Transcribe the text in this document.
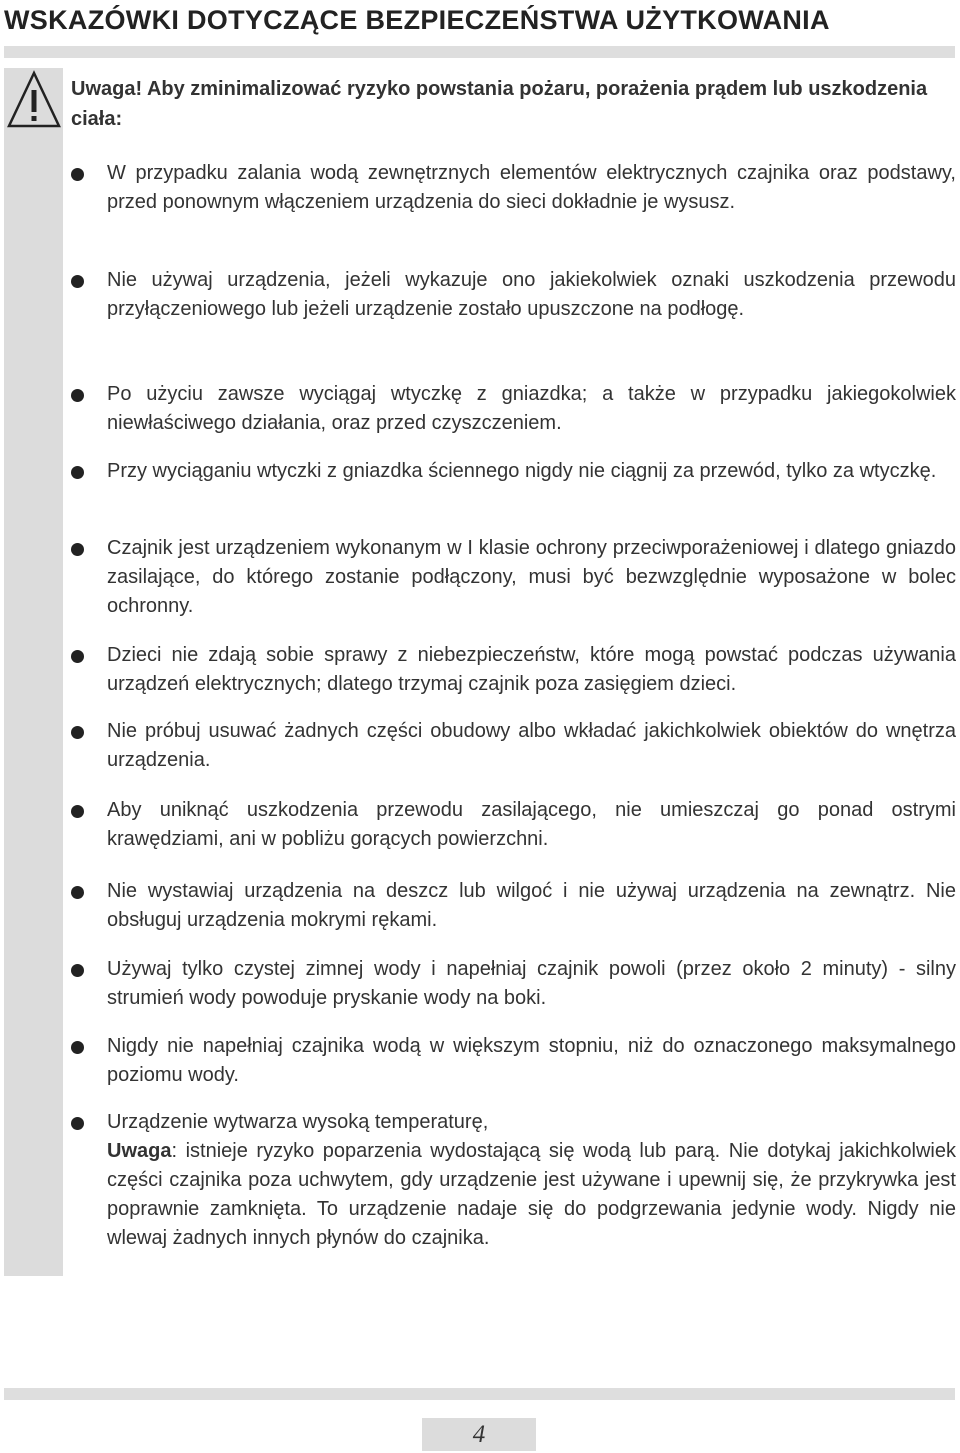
WSKAZÓWKI DOTYCZĄCE BEZPIECZEŃSTWA UŻYTKOWANIA
Uwaga! Aby zminimalizować ryzyko powstania pożaru, porażenia prądem lub uszkodzenia ciała:
W przypadku zalania wodą zewnętrznych elementów elektrycznych czajnika oraz podstawy, przed ponownym włączeniem urządzenia do sieci dokładnie je wysusz.
Nie używaj urządzenia, jeżeli wykazuje ono jakiekolwiek oznaki uszkodzenia przewodu przyłączeniowego lub jeżeli urządzenie zostało upuszczone na podłogę.
Po użyciu zawsze wyciągaj wtyczkę z gniazdka; a także w przypadku jakiegokolwiek niewłaściwego działania, oraz przed czyszczeniem.
Przy wyciąganiu wtyczki z gniazdka ściennego nigdy nie ciągnij za przewód, tylko za wtyczkę.
Czajnik jest urządzeniem wykonanym w I klasie ochrony przeciwporażeniowej i dlatego gniazdo zasilające, do którego zostanie podłączony, musi być bezwzględnie wyposażone w bolec ochronny.
Dzieci nie zdają sobie sprawy z niebezpieczeństw, które mogą powstać podczas używania urządzeń elektrycznych; dlatego trzymaj czajnik poza zasięgiem dzieci.
Nie próbuj usuwać żadnych części obudowy albo wkładać jakichkolwiek obiektów do wnętrza urządzenia.
Aby uniknąć uszkodzenia przewodu zasilającego, nie umieszczaj go ponad ostrymi krawędziami, ani w pobliżu gorących powierzchni.
Nie wystawiaj urządzenia na deszcz lub wilgoć i nie używaj urządzenia na zewnątrz. Nie obsługuj urządzenia mokrymi rękami.
Używaj tylko czystej zimnej wody i napełniaj czajnik powoli (przez około 2 minuty) - silny strumień wody powoduje pryskanie wody na boki.
Nigdy nie napełniaj czajnika wodą w większym stopniu, niż do oznaczonego maksymalnego poziomu wody.
Urządzenie wytwarza wysoką temperaturę,
Uwaga: istnieje ryzyko poparzenia wydostającą się wodą lub parą. Nie dotykaj jakichkolwiek części czajnika poza uchwytem, gdy urządzenie jest używane i upewnij się, że przykrywka jest poprawnie zamknięta. To urządzenie nadaje się do podgrzewania jedynie wody. Nigdy nie wlewaj żadnych innych płynów do czajnika.
4
